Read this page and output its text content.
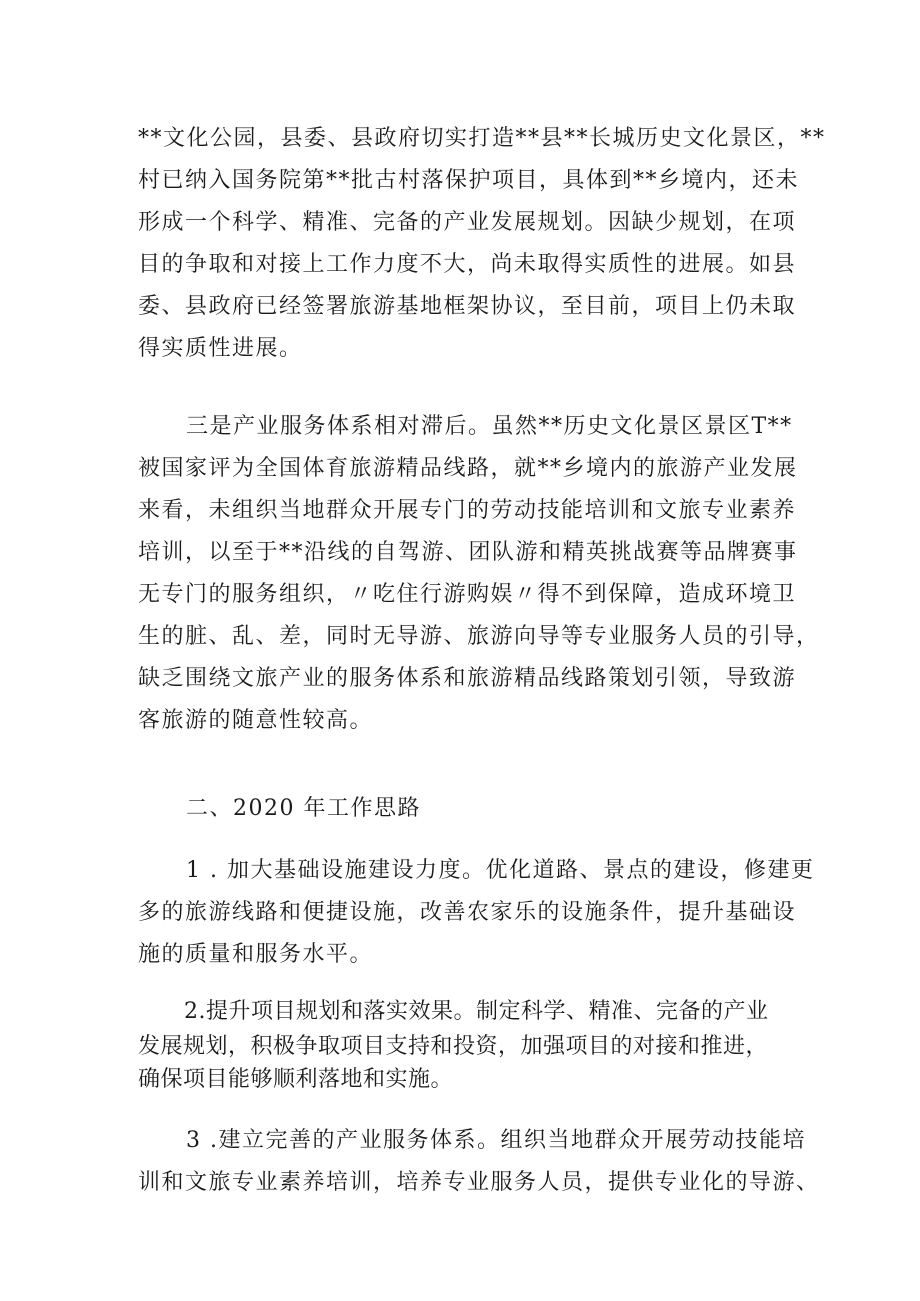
**文化公园，县委、县政府切实打造**县**长城历史文化景区，**
村已纳入国务院第**批古村落保护项目，具体到**乡境内，还未
形成一个科学、精准、完备的产业发展规划。因缺少规划，在项
目的争取和对接上工作力度不大，尚未取得实质性的进展。如县
委、县政府已经签署旅游基地框架协议，至目前，项目上仍未取
得实质性进展。
三是产业服务体系相对滞后。虽然**历史文化景区景区T**
被国家评为全国体育旅游精品线路，就**乡境内的旅游产业发展
来看，未组织当地群众开展专门的劳动技能培训和文旅专业素养
培训，以至于**沿线的自驾游、团队游和精英挑战赛等品牌赛事
无专门的服务组织，〃吃住行游购娱〃得不到保障，造成环境卫
生的脏、乱、差，同时无导游、旅游向导等专业服务人员的引导，
缺乏围绕文旅产业的服务体系和旅游精品线路策划引领，导致游
客旅游的随意性较高。
二、2020 年工作思路
1 . 加大基础设施建设力度。优化道路、景点的建设，修建更
多的旅游线路和便捷设施，改善农家乐的设施条件，提升基础设
施的质量和服务水平。
2.提升项目规划和落实效果。制定科学、精准、完备的产业
发展规划，积极争取项目支持和投资，加强项目的对接和推进，
确保项目能够顺利落地和实施。
3 .建立完善的产业服务体系。组织当地群众开展劳动技能培
训和文旅专业素养培训，培养专业服务人员，提供专业化的导游、
